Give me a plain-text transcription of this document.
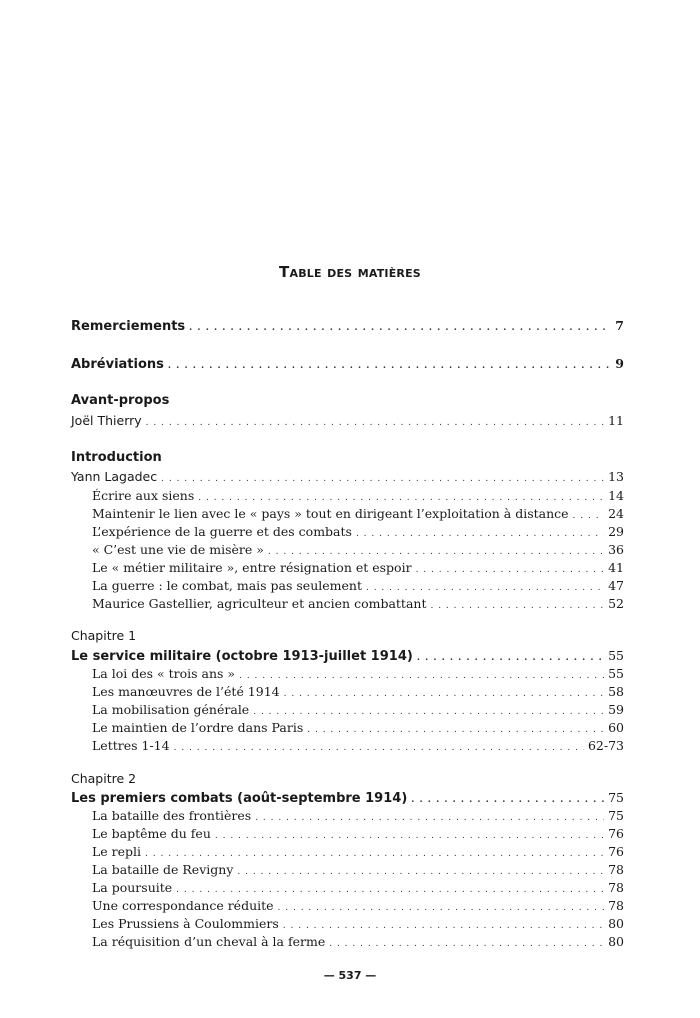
Table des matières
Remerciements . . .	7
Abréviations . . .	9
Avant-propos
Joël Thierry . . .	11
Introduction
Yann Lagadec . . .	13
Écrire aux siens . . .	14
Maintenir le lien avec le « pays » tout en dirigeant l’exploitation à distance . . .	24
L’expérience de la guerre et des combats . . .	29
« C’est une vie de misère » . . .	36
Le « métier militaire », entre résignation et espoir . . .	41
La guerre : le combat, mais pas seulement . . .	47
Maurice Gastellier, agriculteur et ancien combattant . . .	52
Chapitre 1
Le service militaire (octobre 1913-juillet 1914) . . .	55
La loi des « trois ans » . . .	55
Les manœuvres de l’été 1914 . . .	58
La mobilisation générale . . .	59
Le maintien de l’ordre dans Paris . . .	60
Lettres 1-14 . . .	62-73
Chapitre 2
Les premiers combats (août-septembre 1914) . . .	75
La bataille des frontières . . .	75
Le baptême du feu . . .	76
Le repli . . .	76
La bataille de Revigny . . .	78
La poursuite . . .	78
Une correspondance réduite . . .	78
Les Prussiens à Coulommiers . . .	80
La réquisition d’un cheval à la ferme . . .	80
— 537 —
